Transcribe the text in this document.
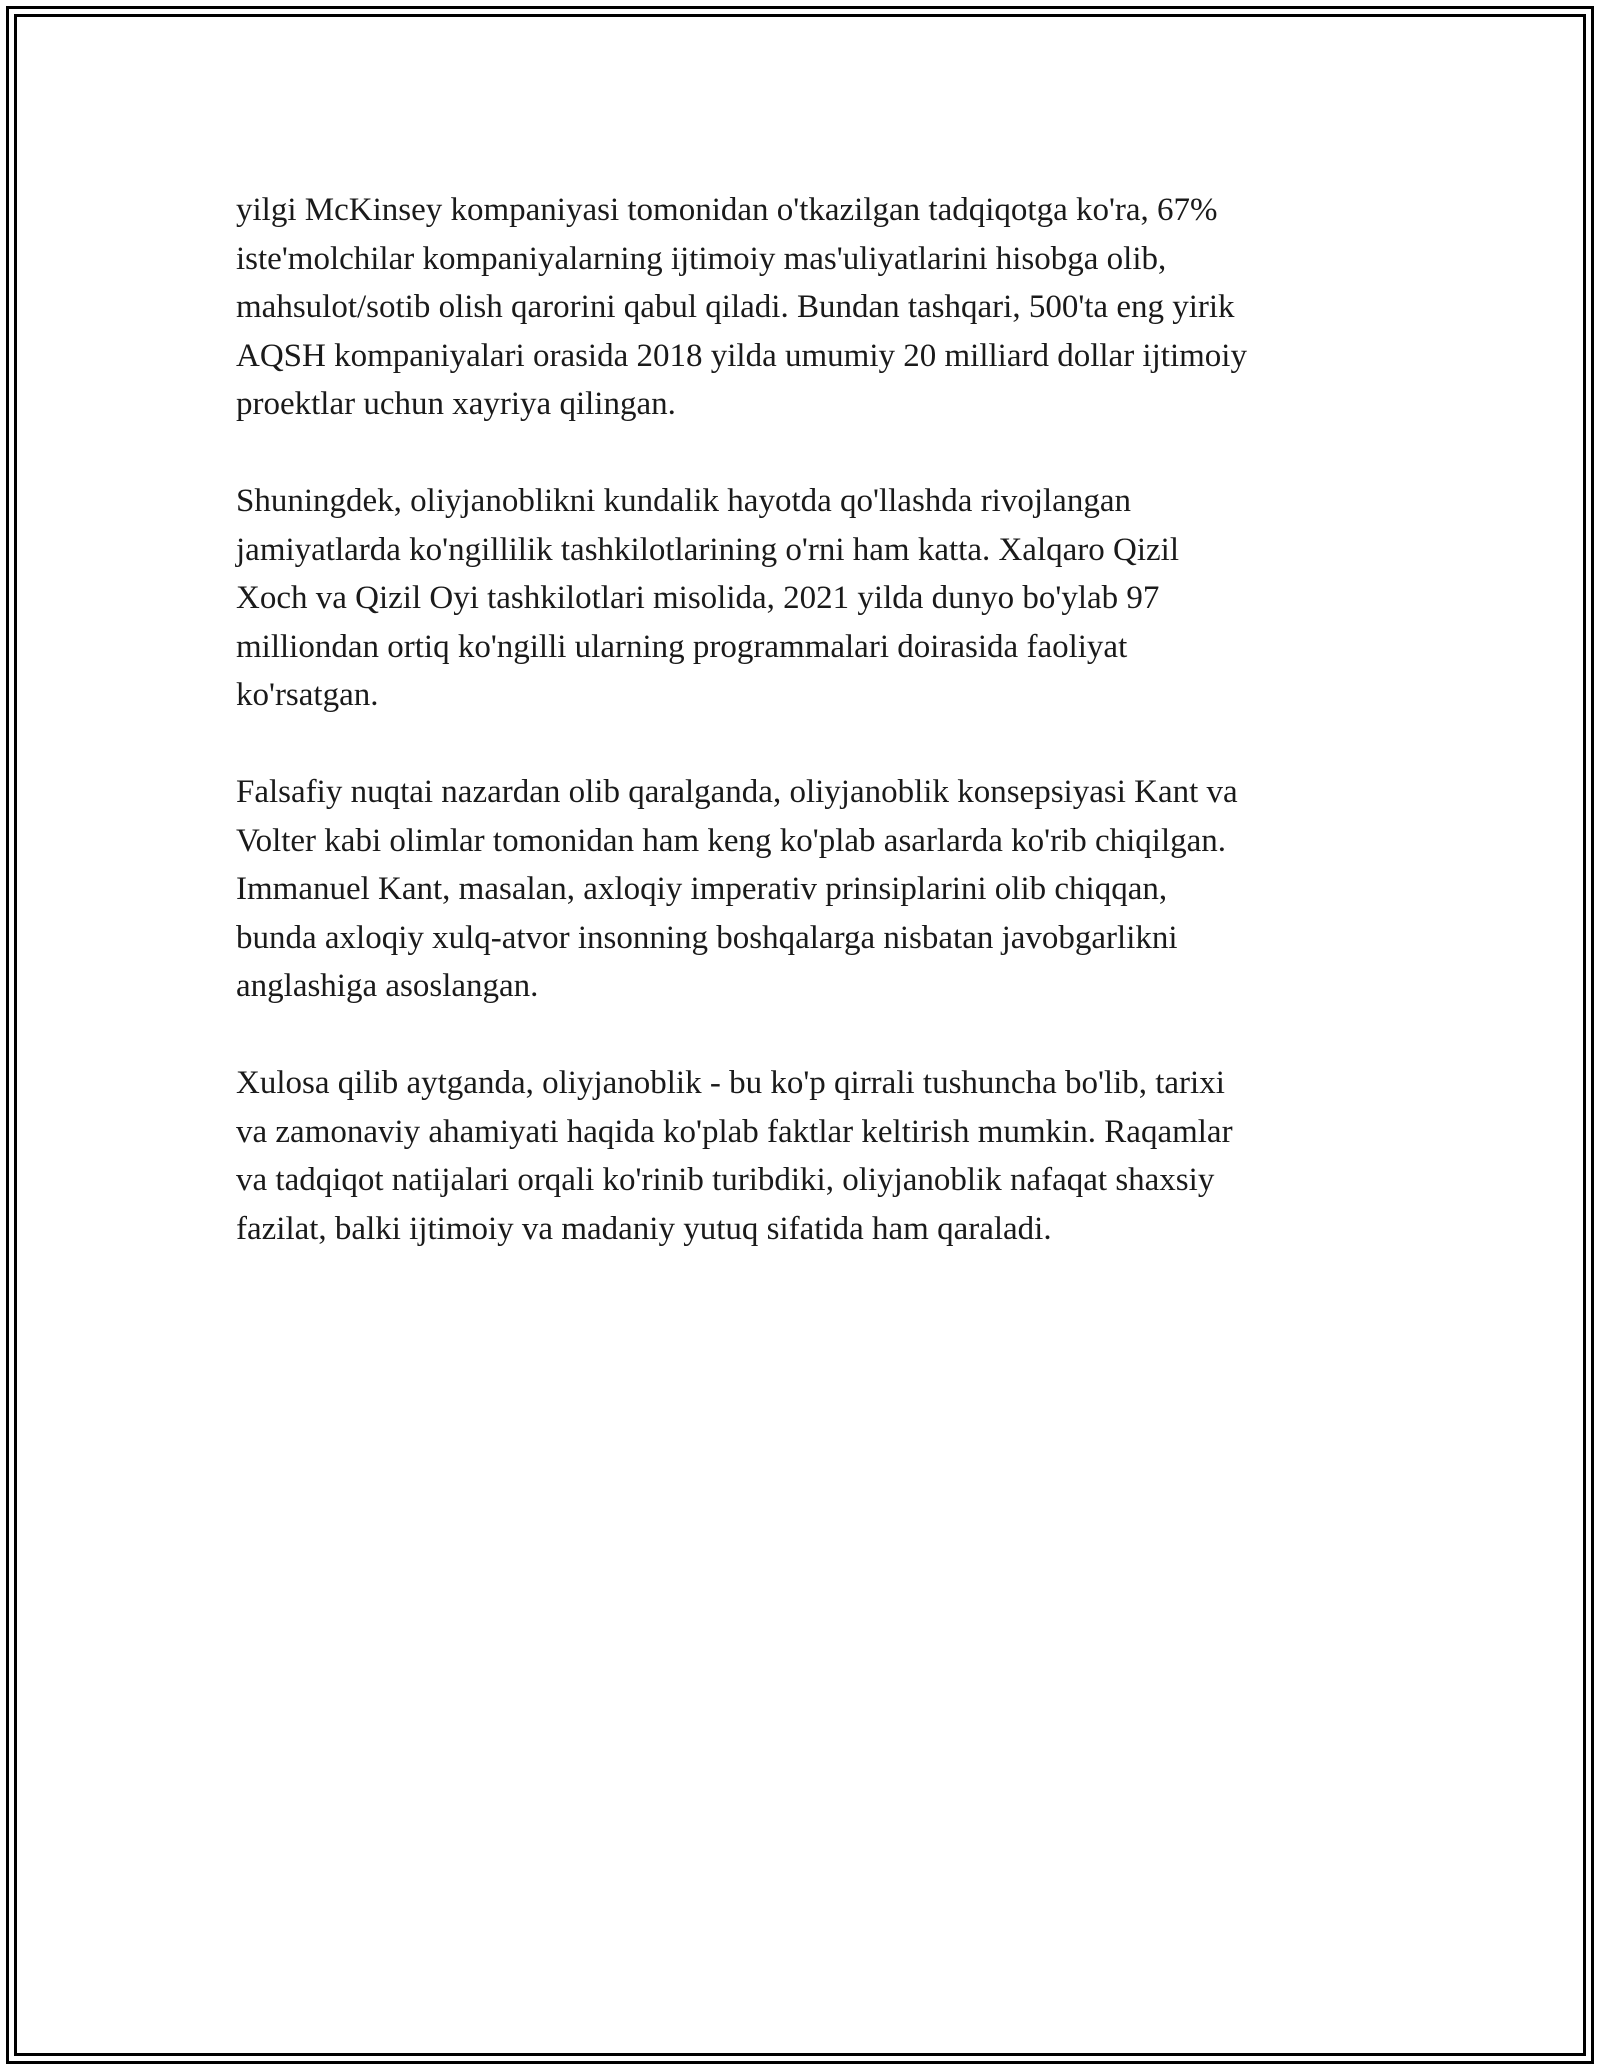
yilgi McKinsey kompaniyasi tomonidan o'tkazilgan tadqiqotga ko'ra, 67%
iste'molchilar kompaniyalarning ijtimoiy mas'uliyatlarini hisobga olib,
mahsulot/sotib olish qarorini qabul qiladi. Bundan tashqari, 500'ta eng yirik
AQSH kompaniyalari orasida 2018 yilda umumiy 20 milliard dollar ijtimoiy
proektlar uchun xayriya qilingan.

Shuningdek, oliyjanoblikni kundalik hayotda qo'llashda rivojlangan
jamiyatlarda ko'ngillilik tashkilotlarining o'rni ham katta. Xalqaro Qizil
Xoch va Qizil Oyi tashkilotlari misolida, 2021 yilda dunyo bo'ylab 97
milliondan ortiq ko'ngilli ularning programmalari doirasida faoliyat
ko'rsatgan.

Falsafiy nuqtai nazardan olib qaralganda, oliyjanoblik konsepsiyasi Kant va
Volter kabi olimlar tomonidan ham keng ko'plab asarlarda ko'rib chiqilgan.
Immanuel Kant, masalan, axloqiy imperativ prinsiplarini olib chiqqan,
bunda axloqiy xulq-atvor insonning boshqalarga nisbatan javobgarlikni
anglashiga asoslangan.

Xulosa qilib aytganda, oliyjanoblik - bu ko'p qirrali tushuncha bo'lib, tarixi
va zamonaviy ahamiyati haqida ko'plab faktlar keltirish mumkin. Raqamlar
va tadqiqot natijalari orqali ko'rinib turibdiki, oliyjanoblik nafaqat shaxsiy
fazilat, balki ijtimoiy va madaniy yutuq sifatida ham qaraladi.
